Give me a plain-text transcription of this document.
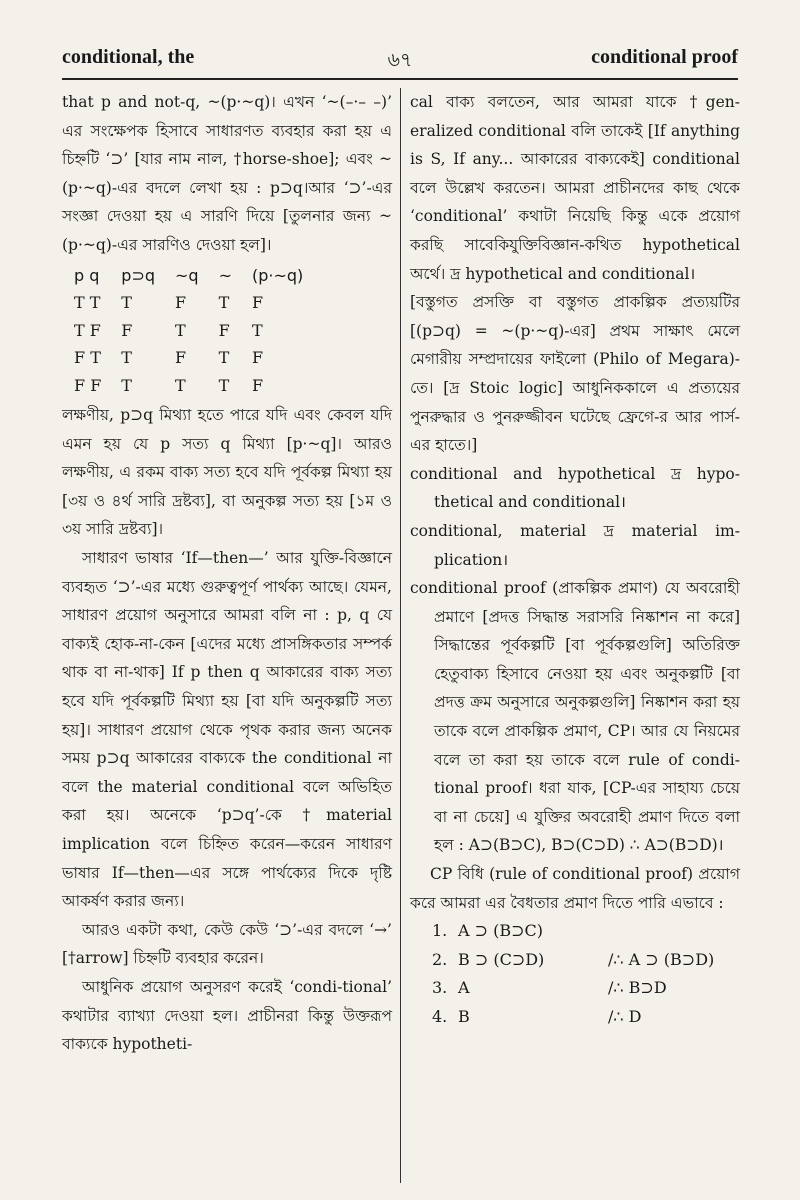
conditional, the	৬৭	conditional proof

that p and not-q, ~(p·~q)। এখন ‘~(–·– –)’ এর সংক্ষেপক হিসাবে সাধারণত ব্যবহার করা হয় এ চিহ্নটি ‘⊃’ [যার নাম নাল, †horse-shoe]; এবং ~(p·~q)-এর বদলে লেখা হয় : p⊃q।আর ‘⊃’-এর সংজ্ঞা দেওয়া হয় এ সারণি দিয়ে [তুলনার জন্য ~(p·~q)-এর সারণিও দেওয়া হল]।

p q	p⊃q	~q	~	(p·~q)
T T	T	F	T	F
T F	F	T	F	T
F T	T	F	T	F
F F	T	T	T	F

লক্ষণীয়, p⊃q মিথ্যা হতে পারে যদি এবং কেবল যদি এমন হয় যে p সত্য q মিথ্যা [p·~q]। আরও লক্ষণীয়, এ রকম বাক্য সত্য হবে যদি পূর্বকল্প মিথ্যা হয় [৩য় ও ৪র্থ সারি দ্রষ্টব্য], বা অনুকল্প সত্য হয় [১ম ও ৩য় সারি দ্রষ্টব্য]।

সাধারণ ভাষার ‘If—then—’ আর যুক্তি-বিজ্ঞানে ব্যবহৃত ‘⊃’-এর মধ্যে গুরুত্বপূর্ণ পার্থক্য আছে। যেমন, সাধারণ প্রয়োগ অনুসারে আমরা বলি না : p, q যে বাক্যই হোক-না-কেন [এদের মধ্যে প্রাসঙ্গিকতার সম্পর্ক থাক বা না-থাক] If p then q আকারের বাক্য সত্য হবে যদি পূর্বকল্পটি মিথ্যা হয় [বা যদি অনুকল্পটি সত্য হয়]। সাধারণ প্রয়োগ থেকে পৃথক করার জন্য অনেক সময় p⊃q আকারের বাক্যকে the conditional না বলে the material conditional বলে অভিহিত করা হয়। অনেকে ‘p⊃q’-কে †material implication বলে চিহ্নিত করেন—করেন সাধারণ ভাষার If—then—এর সঙ্গে পার্থক্যের দিকে দৃষ্টি আকর্ষণ করার জন্য।

আরও একটা কথা, কেউ কেউ ‘⊃’-এর বদলে ‘→’ [†arrow] চিহ্নটি ব্যবহার করেন।

আধুনিক প্রয়োগ অনুসরণ করেই ‘condi-tional’ কথাটার ব্যাখ্যা দেওয়া হল। প্রাচীনরা কিন্তু উক্তরূপ বাক্যকে hypotheti-

cal বাক্য বলতেন, আর আমরা যাকে †gen-eralized conditional বলি তাকেই [If anything is S, If any... আকারের বাক্যকেই] conditional বলে উল্লেখ করতেন। আমরা প্রাচীনদের কাছ থেকে ‘conditional’ কথাটা নিয়েছি কিন্তু একে প্রয়োগ করছি সাবেকিযুক্তিবিজ্ঞান-কথিত hypothetical অর্থে। দ্র hypothetical and conditional।

[বস্তুগত প্রসক্তি বা বস্তুগত প্রাকল্পিক প্রত্যয়টির [(p⊃q) = ~(p·~q)-এর] প্রথম সাক্ষাৎ মেলে মেগারীয় সম্প্রদায়ের ফাইলো (Philo of Megara)-তে। [দ্র Stoic logic] আধুনিককালে এ প্রত্যয়ের পুনরুদ্ধার ও পুনরুজ্জীবন ঘটেছে ফ্রেগে-র আর পার্স-এর হাতে।]

conditional and hypothetical দ্র hypo-thetical and conditional।

conditional, material দ্র material im-plication।

conditional proof (প্রাকল্পিক প্রমাণ) যে অবরোহী প্রমাণে [প্রদত্ত সিদ্ধান্ত সরাসরি নিষ্কাশন না করে] সিদ্ধান্তের পূর্বকল্পটি [বা পূর্বকল্পগুলি] অতিরিক্ত হেতুবাক্য হিসাবে নেওয়া হয় এবং অনুকল্পটি [বা প্রদত্ত ক্রম অনুসারে অনুকল্পগুলি] নিষ্কাশন করা হয় তাকে বলে প্রাকল্পিক প্রমাণ, CP। আর যে নিয়মের বলে তা করা হয় তাকে বলে rule of condi-tional proof। ধরা যাক, [CP-এর সাহায্য চেয়ে বা না চেয়ে] এ যুক্তির অবরোহী প্রমাণ দিতে বলা হল : A⊃(B⊃C), B⊃(C⊃D) ∴ A⊃(B⊃D)।

CP বিধি (rule of conditional proof) প্রয়োগ করে আমরা এর বৈধতার প্রমাণ দিতে পারি এভাবে :

1.	A ⊃ (B⊃C)	
2.	B ⊃ (C⊃D)	/∴ A ⊃ (B⊃D)
3.	A	/∴ B⊃D
4.	B	/∴ D
